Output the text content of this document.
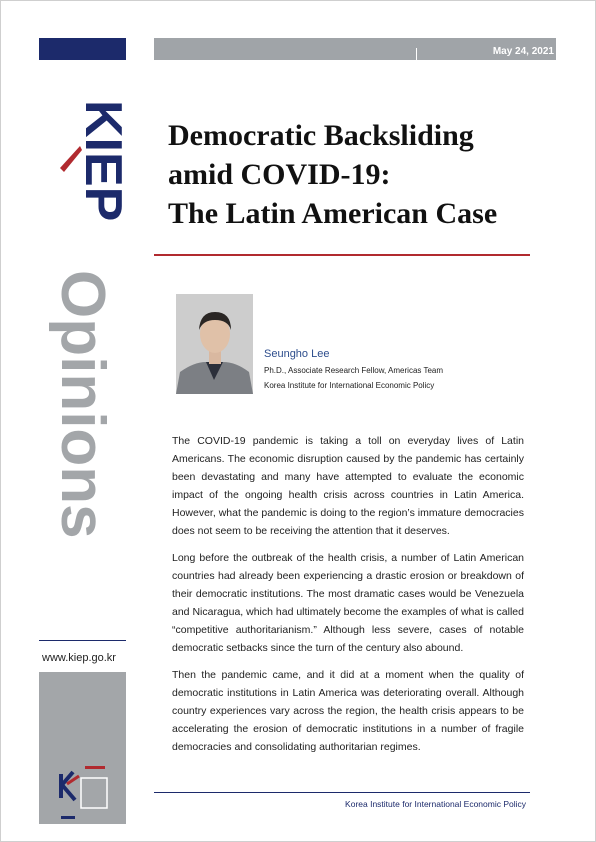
May 24, 2021
KIEP
Opinions
www.kiep.go.kr
Democratic Backsliding
amid COVID-19:
The Latin American Case
Seungho Lee
Ph.D., Associate Research Fellow, Americas Team
Korea Institute for International Economic Policy

The COVID-19 pandemic is taking a toll on everyday lives of Latin Americans. The economic disruption caused by the pandemic has certainly been devastating and many have attempted to evaluate the economic impact of the ongoing health crisis across countries in Latin America. However, what the pandemic is doing to the region’s immature democracies does not seem to be receiving the attention that it deserves.

Long before the outbreak of the health crisis, a number of Latin American countries had already been experiencing a drastic erosion or breakdown of their democratic institutions. The most dramatic cases would be Venezuela and Nicaragua, which had ultimately become the examples of what is called “competitive authoritarianism.” Although less severe, cases of notable democratic setbacks since the turn of the century also abound.

Then the pandemic came, and it did at a moment when the quality of democratic institutions in Latin America was deteriorating overall. Although country experiences vary across the region, the health crisis appears to be accelerating the erosion of democratic institutions in a number of fragile democracies and consolidating authoritarian regimes.

Korea Institute for International Economic Policy
